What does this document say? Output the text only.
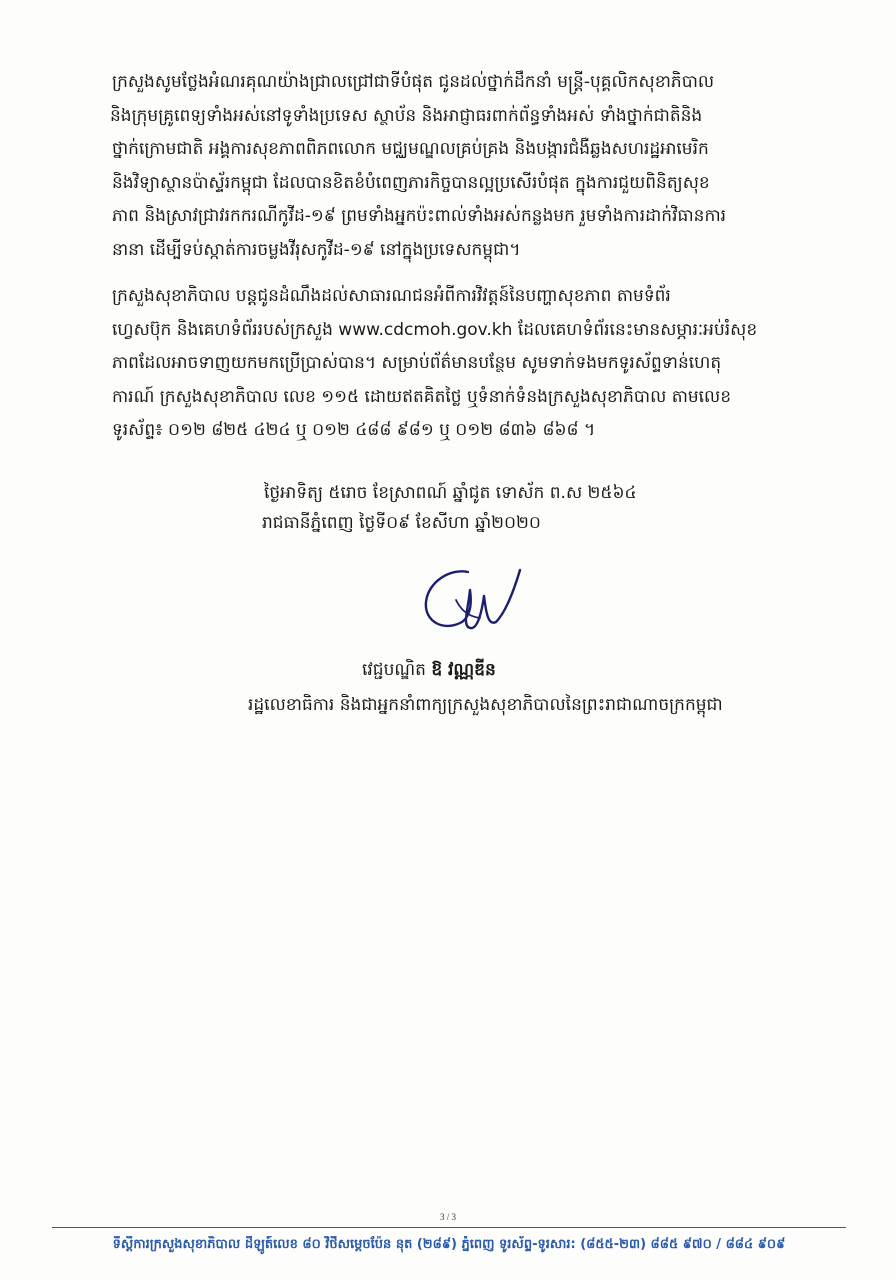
ក្រសួងសូមថ្លែងអំណរគុណយ៉ាងជ្រាលជ្រៅជាទីបំផុត ជូនដល់ថ្នាក់ដឹកនាំ មន្ត្រី-បុគ្គលិកសុខាភិបាល
និងក្រុមគ្រូពេទ្យទាំងអស់នៅទូទាំងប្រទេស ស្ថាប័ន និងអាជ្ញាធរពាក់ព័ន្ធទាំងអស់ ទាំងថ្នាក់ជាតិនិង
ថ្នាក់ក្រោមជាតិ អង្គការសុខភាពពិភពលោក មជ្ឈមណ្ឌលគ្រប់គ្រង និងបង្ការជំងឺឆ្លងសហរដ្ឋអាមេរិក
និងវិទ្យាស្ថានប៉ាស្ទ័រកម្ពុជា ដែលបានខិតខំបំពេញភារកិច្ចបានល្អប្រសើរបំផុត ក្នុងការជួយពិនិត្យសុខ
ភាព និងស្រាវជ្រាវរកករណីកូវីដ-១៩ ព្រមទាំងអ្នកប៉ះពាល់ទាំងអស់កន្លងមក រួមទាំងការដាក់វិធានការ
នានា ដើម្បីទប់ស្កាត់ការចម្លងវីរុសកូវីដ-១៩ នៅក្នុងប្រទេសកម្ពុជា។
ក្រសួងសុខាភិបាល បន្តជូនដំណឹងដល់សាធារណជនអំពីការវិវត្តន៍នៃបញ្ហាសុខភាព តាមទំព័រ
ហ្វេសប៊ុក និងគេហទំព័ររបស់ក្រសួង www.cdcmoh.gov.kh ដែលគេហទំព័រនេះមានសម្ភារៈអប់រំសុខ
ភាពដែលអាចទាញយកមកប្រើប្រាស់បាន។ សម្រាប់ព័ត៌មានបន្ថែម សូមទាក់ទងមកទូរស័ព្ទទាន់ហេតុ
ការណ៍ ក្រសួងសុខាភិបាល លេខ ១១៥ ដោយឥតគិតថ្លៃ ឬទំនាក់ទំនងក្រសួងសុខាភិបាល តាមលេខ
ទូរស័ព្ទ៖ ០១២ ៨២៥ ៤២៤ ឬ ០១២ ៤៨៨ ៩៨១ ឬ ០១២ ៨៣៦ ៨៦៨ ។
ថ្ងៃអាទិត្យ ៥រោច ខែស្រាពណ៍ ឆ្នាំជូត ទោស័ក ព.ស ២៥៦៤
រាជធានីភ្នំពេញ ថ្ងៃទី០៩ ខែសីហា ឆ្នាំ២០២០
វេជ្ជបណ្ឌិត ឱ វណ្ណឌីន
រដ្ឋលេខាធិការ និងជាអ្នកនាំពាក្យក្រសួងសុខាភិបាលនៃព្រះរាជាណាចក្រកម្ពុជា
3 / 3
ទីស្តីការក្រសួងសុខាភិបាល ដីឡូត៍លេខ ៨០ វិថីសម្តេចប៉ែន នុត (២៨៩) ភ្នំពេញ ទូរស័ព្ទ-ទូរសារ: (៨៥៥-២៣) ៨៨៥ ៩៧០ / ៨៨៤ ៩០៩
